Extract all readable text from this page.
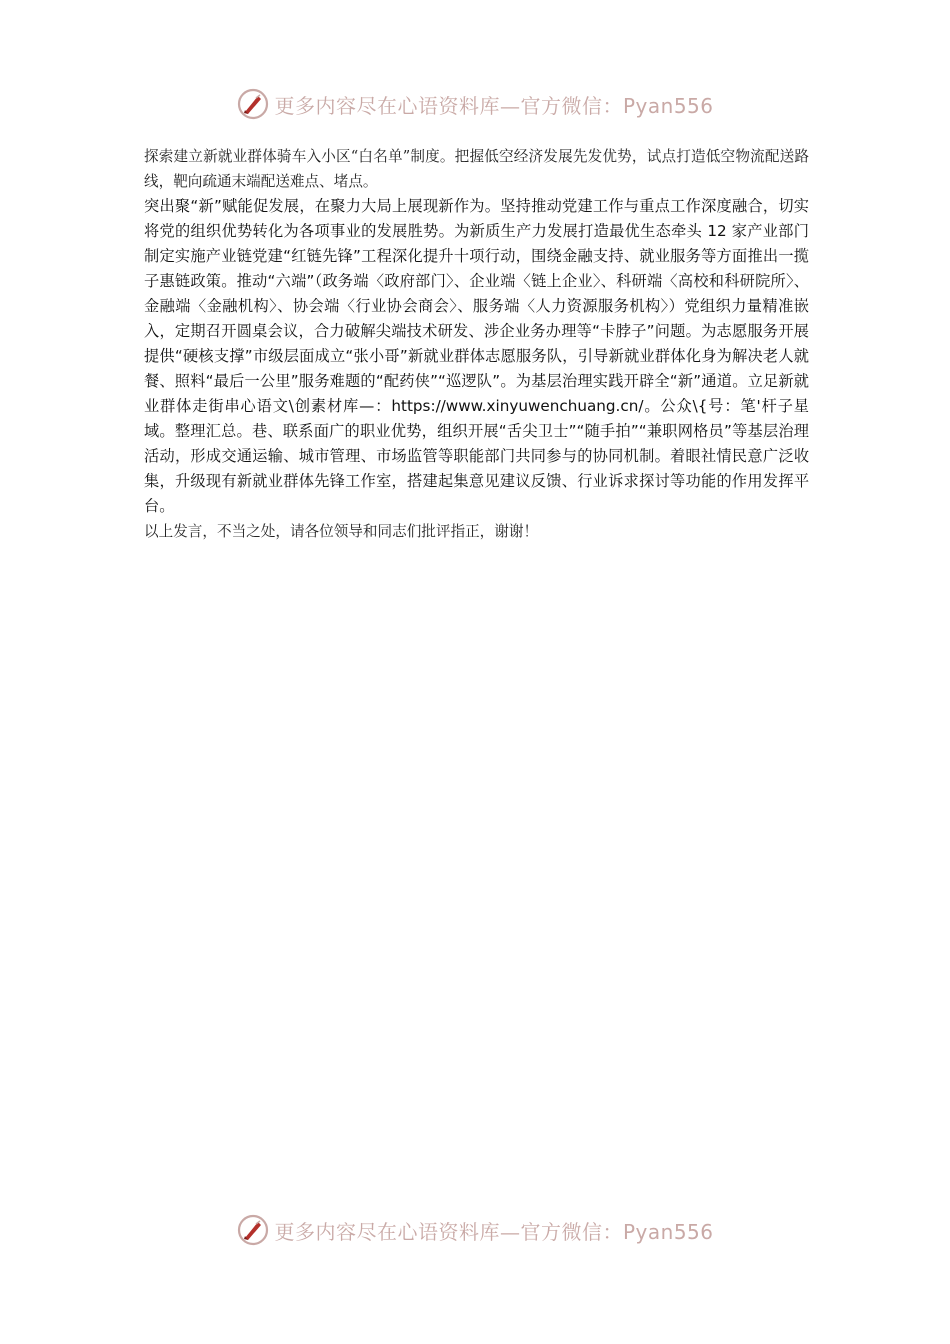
更多内容尽在心语资料库—官方微信：Pyan556

探索建立新就业群体骑车入小区“白名单”制度。把握低空经济发展先发优势，试点打造低空物流配送路线，靶向疏通末端配送难点、堵点。

突出聚“新”赋能促发展，在聚力大局上展现新作为。坚持推动党建工作与重点工作深度融合，切实将党的组织优势转化为各项事业的发展胜势。为新质生产力发展打造最优生态牵头 12 家产业部门制定实施产业链党建“红链先锋”工程深化提升十项行动，围绕金融支持、就业服务等方面推出一揽子惠链政策。推动“六端”（政务端〈政府部门〉、企业端〈链上企业〉、科研端〈高校和科研院所〉、金融端〈金融机构〉、协会端〈行业协会商会〉、服务端〈人力资源服务机构〉）党组织力量精准嵌入，定期召开圆桌会议，合力破解尖端技术研发、涉企业务办理等“卡脖子”问题。为志愿服务开展提供“硬核支撑”市级层面成立“张小哥”新就业群体志愿服务队，引导新就业群体化身为解决老人就餐、照料“最后一公里”服务难题的“配药侠”“巡逻队”。为基层治理实践开辟全“新”通道。立足新就业群体走街串心语文\创素材库—：https://www.xinyuwenchuang.cn/。公众\{号：笔'杆子星域。整理汇总。巷、联系面广的职业优势，组织开展“舌尖卫士”“随手拍”“兼职网格员”等基层治理活动，形成交通运输、城市管理、市场监管等职能部门共同参与的协同机制。着眼社情民意广泛收集，升级现有新就业群体先锋工作室，搭建起集意见建议反馈、行业诉求探讨等功能的作用发挥平台。

以上发言，不当之处，请各位领导和同志们批评指正，谢谢！

更多内容尽在心语资料库—官方微信：Pyan556
